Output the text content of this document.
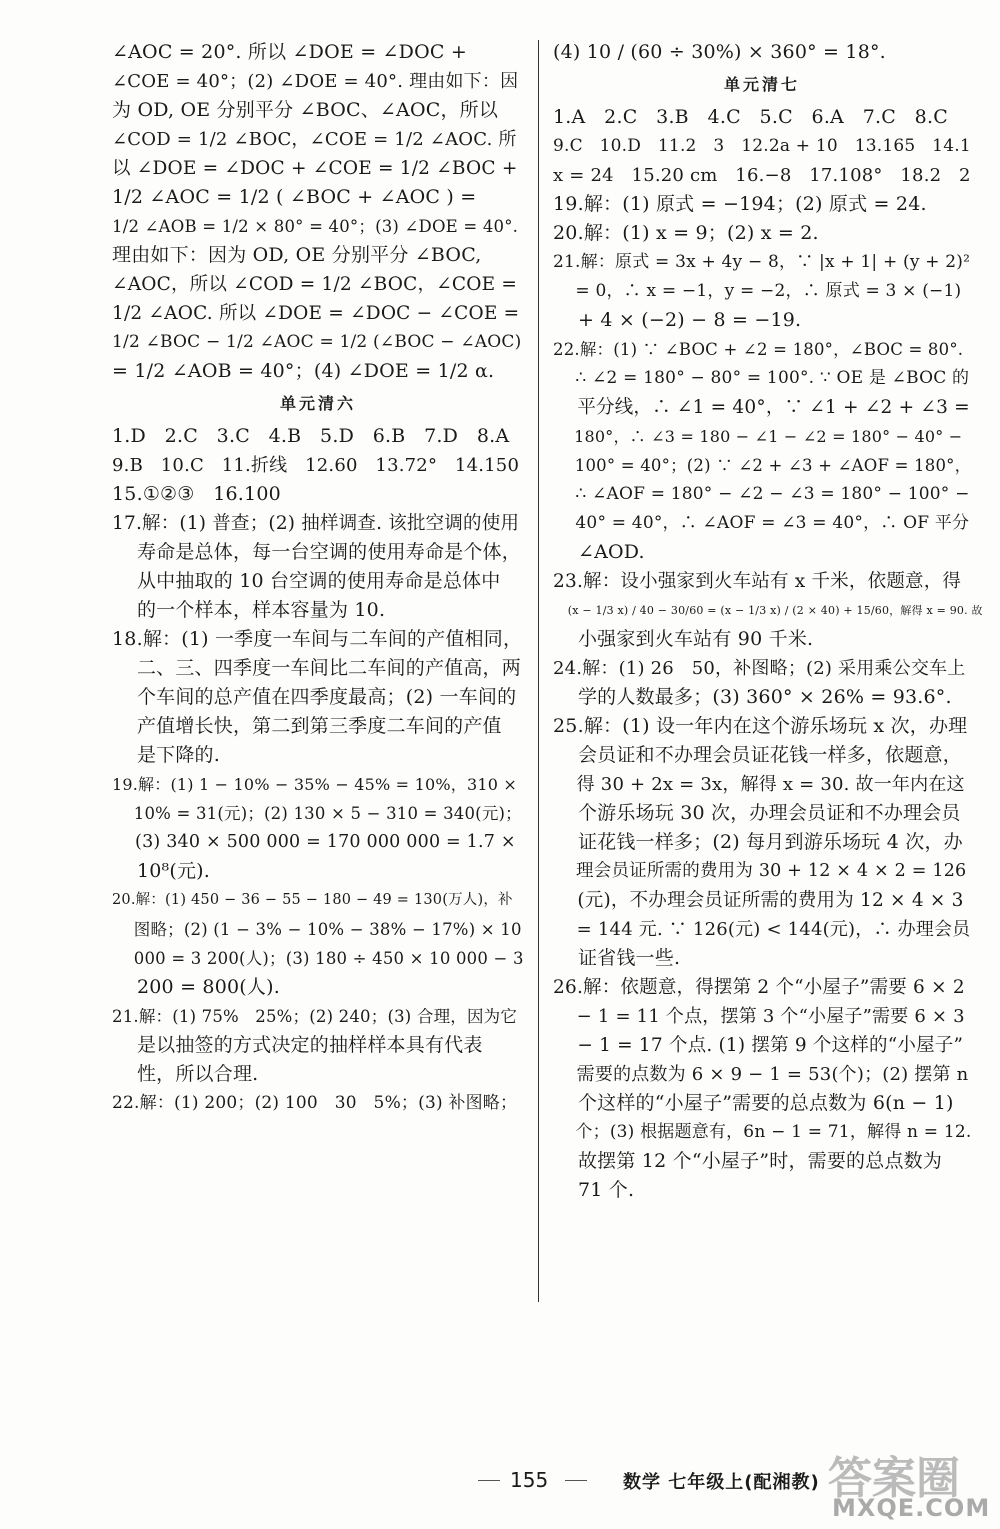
∠AOC = 20°. 所以 ∠DOE = ∠DOC +
∠COE = 40°；(2) ∠DOE = 40°. 理由如下：因
为 OD, OE 分别平分 ∠BOC、∠AOC，所以
∠COD = 1/2 ∠BOC，∠COE = 1/2 ∠AOC. 所
以 ∠DOE = ∠DOC + ∠COE = 1/2 ∠BOC +
1/2 ∠AOC = 1/2 ( ∠BOC + ∠AOC ) =
1/2 ∠AOB = 1/2 × 80° = 40°；(3) ∠DOE = 40°.
理由如下：因为 OD, OE 分别平分 ∠BOC,
∠AOC，所以 ∠COD = 1/2 ∠BOC，∠COE =
1/2 ∠AOC. 所以 ∠DOE = ∠DOC − ∠COE =
1/2 ∠BOC − 1/2 ∠AOC = 1/2 (∠BOC − ∠AOC)
= 1/2 ∠AOB = 40°；(4) ∠DOE = 1/2 α.
单元清六
1.D   2.C   3.C   4.B   5.D   6.B   7.D   8.A
9.B   10.C   11.折线   12.60   13.72°   14.150
15.①②③   16.100
17.解：(1) 普查；(2) 抽样调查. 该批空调的使用
寿命是总体，每一台空调的使用寿命是个体，
从中抽取的 10 台空调的使用寿命是总体中
的一个样本，样本容量为 10.
18.解：(1) 一季度一车间与二车间的产值相同，
二、三、四季度一车间比二车间的产值高，两
个车间的总产值在四季度最高；(2) 一车间的
产值增长快，第二到第三季度二车间的产值
是下降的.
19.解：(1) 1 − 10% − 35% − 45% = 10%，310 ×
10% = 31(元)；(2) 130 × 5 − 310 = 340(元)；
(3) 340 × 500 000 = 170 000 000 = 1.7 ×
10⁸(元).
20.解：(1) 450 − 36 − 55 − 180 − 49 = 130(万人)，补
图略；(2) (1 − 3% − 10% − 38% − 17%) × 10
000 = 3 200(人)；(3) 180 ÷ 450 × 10 000 − 3
200 = 800(人).
21.解：(1) 75%   25%；(2) 240；(3) 合理，因为它
是以抽签的方式决定的抽样样本具有代表
性，所以合理.
22.解：(1) 200；(2) 100   30   5%；(3) 补图略；
(4) 10 / (60 ÷ 30%) × 360° = 18°.
单元清七
1.A   2.C   3.B   4.C   5.C   6.A   7.C   8.C
9.C   10.D   11.2   3   12.2a + 10   13.165   14.1
x = 24   15.20 cm   16.−8   17.108°   18.2   2
19.解：(1) 原式 = −194；(2) 原式 = 24.
20.解：(1) x = 9；(2) x = 2.
21.解：原式 = 3x + 4y − 8，∵ |x + 1| + (y + 2)²
= 0，∴ x = −1，y = −2，∴ 原式 = 3 × (−1)
+ 4 × (−2) − 8 = −19.
22.解：(1) ∵ ∠BOC + ∠2 = 180°，∠BOC = 80°.
∴ ∠2 = 180° − 80° = 100°. ∵ OE 是 ∠BOC 的
平分线，∴ ∠1 = 40°，∵ ∠1 + ∠2 + ∠3 =
180°，∴ ∠3 = 180 − ∠1 − ∠2 = 180° − 40° −
100° = 40°；(2) ∵ ∠2 + ∠3 + ∠AOF = 180°，
∴ ∠AOF = 180° − ∠2 − ∠3 = 180° − 100° −
40° = 40°，∴ ∠AOF = ∠3 = 40°，∴ OF 平分
∠AOD.
23.解：设小强家到火车站有 x 千米，依题意，得
(x − 1/3 x) / 40 − 30/60 = (x − 1/3 x) / (2 × 40) + 15/60，解得 x = 90. 故
小强家到火车站有 90 千米.
24.解：(1) 26   50，补图略；(2) 采用乘公交车上
学的人数最多；(3) 360° × 26% = 93.6°.
25.解：(1) 设一年内在这个游乐场玩 x 次，办理
会员证和不办理会员证花钱一样多，依题意，
得 30 + 2x = 3x，解得 x = 30. 故一年内在这
个游乐场玩 30 次，办理会员证和不办理会员
证花钱一样多；(2) 每月到游乐场玩 4 次，办
理会员证所需的费用为 30 + 12 × 4 × 2 = 126
(元)，不办理会员证所需的费用为 12 × 4 × 3
= 144 元. ∵ 126(元) < 144(元)，∴ 办理会员
证省钱一些.
26.解：依题意，得摆第 2 个“小屋子”需要 6 × 2
− 1 = 11 个点，摆第 3 个“小屋子”需要 6 × 3
− 1 = 17 个点. (1) 摆第 9 个这样的“小屋子”
需要的点数为 6 × 9 − 1 = 53(个)；(2) 摆第 n
个这样的“小屋子”需要的总点数为 6(n − 1)
个；(3) 根据题意有，6n − 1 = 71，解得 n = 12.
故摆第 12 个“小屋子”时，需要的总点数为
71 个.
155	数学 七年级上(配湘教) 答案圈
MXQE.COM
